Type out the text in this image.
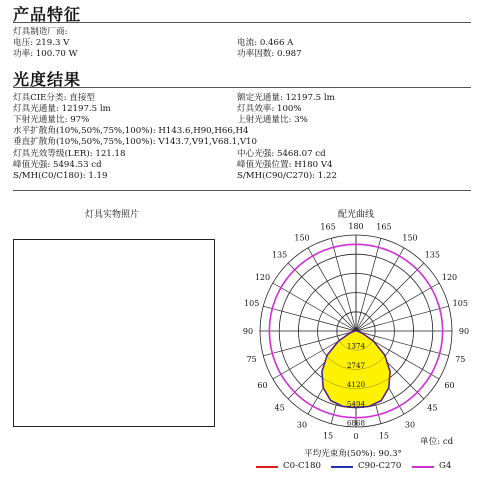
产品特征
灯具制造厂商:
电压: 219.3 V	电流: 0.466 A
功率: 100.70 W	功率因数: 0.987
光度结果
灯具CIE分类: 直接型	额定光通量: 12197.5 lm
灯具光通量: 12197.5 lm	灯具效率: 100%
下射光通量比: 97%	上射光通量比: 3%
水平扩散角(10%,50%,75%,100%): H143.6,H90,H66,H4
垂直扩散角(10%,50%,75%,100%): V143.7,V91,V68.1,V10
灯具光效等级(LER): 121.18	中心光强: 5468.07 cd
峰值光强: 5494.53 cd	峰值光强位置: H180 V4
S/MH(C0/C180): 1.19	S/MH(C90/C270): 1.22
灯具实物照片	配光曲线
1374
2747
4120
5494
6868
180 165
165
150
150
135
135
120
120
105
105
90
90
75
75
60
60
45
45
30
30
15
15	0
单位: cd
平均光束角(50%): 90.3°
C0-C180	C90-C270	G4
